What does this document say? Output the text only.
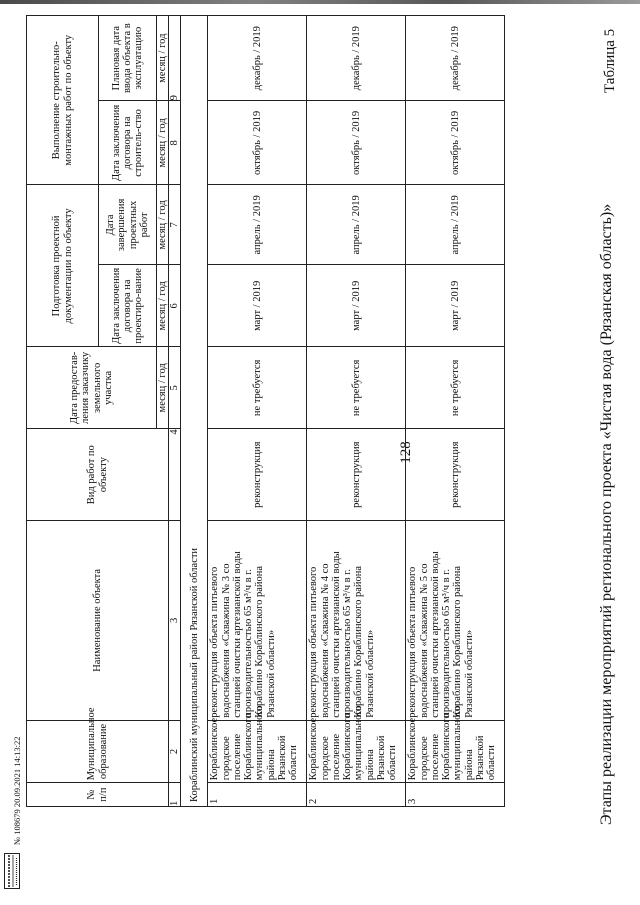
128	Этапы реализации мероприятий регионального проекта «Чистая вода (Рязанская область)»
Таблица 5
№ п/п	Муниципальное образование	Наименование объекта	Вид работ по объекту	Дата предостав-ления заказчику земельного участка	Подготовка проектной документации по объекту		Выполнение строительно-монтажных работ по объекту	
					Дата заключения договора на проектиро-вание	Дата завершения проектных работ	Дата заключения договора на строитель-ство	Плановая дата ввода объекта в эксплуатацию
				месяц / год	месяц / год	месяц / год	месяц / год	месяц / год
1	2	3	4	5	6	7	8	9
Кораблинский муниципальный район Рязанской области								
1	Кораблинское городское поселение Кораблинского муниципального района Рязанской области	реконструкция объекта питьевого водоснабжения «Скважина № 3 со станцией очистки артезианской воды производительностью 65 м³/ч в г. Кораблино Кораблинского района Рязанской области»	реконструкция	не требуется	март / 2019	апрель / 2019	октябрь / 2019	декабрь / 2019
2	Кораблинское городское поселение Кораблинского муниципального района Рязанской области	реконструкция объекта питьевого водоснабжения «Скважина № 4 со станцией очистки артезианской воды производительностью 65 м³/ч в г. Кораблино Кораблинского района Рязанской области»	реконструкция	не требуется	март / 2019	апрель / 2019	октябрь / 2019	декабрь / 2019
3	Кораблинское городское поселение Кораблинского муниципального района Рязанской области	реконструкция объекта питьевого водоснабжения «Скважина № 5 со станцией очистки артезианской воды производительностью 65 м³/ч в г. Кораблино Кораблинского района Рязанской области»	реконструкция	не требуется	март / 2019	апрель / 2019	октябрь / 2019	декабрь / 2019
№ 108679 20.09.2021 14:13:22
